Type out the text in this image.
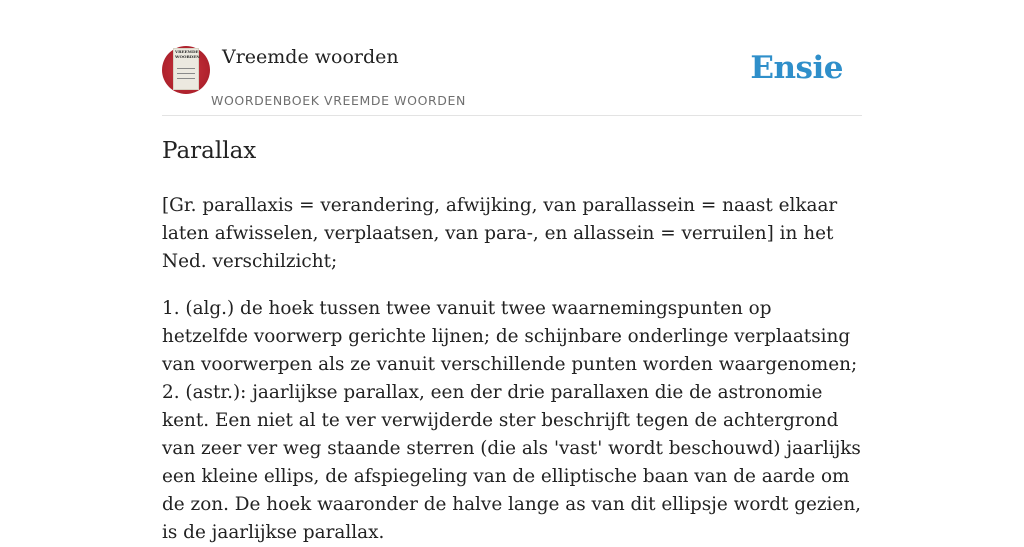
VREEMDE
WOORDEN Vreemde woorden
WOORDENBOEK VREEMDE WOORDEN
Ensie
Parallax

[Gr. parallaxis = verandering, afwijking, van parallassein = naast elkaar laten afwisselen, verplaatsen, van para-, en allassein = verruilen] in het Ned. verschilzicht;

1. (alg.) de hoek tussen twee vanuit twee waarnemingspunten op hetzelfde voorwerp gerichte lijnen; de schijnbare onderlinge verplaatsing van voorwerpen als ze vanuit verschillende punten worden waargenomen;

2. (astr.): jaarlijkse parallax, een der drie parallaxen die de astronomie kent. Een niet al te ver verwijderde ster beschrijft tegen de achtergrond van zeer ver weg staande sterren (die als 'vast' wordt beschouwd) jaarlijks een kleine ellips, de afspiegeling van de elliptische baan van de aarde om de zon. De hoek waaronder de halve lange as van dit ellipsje wordt gezien, is de jaarlijkse parallax.
